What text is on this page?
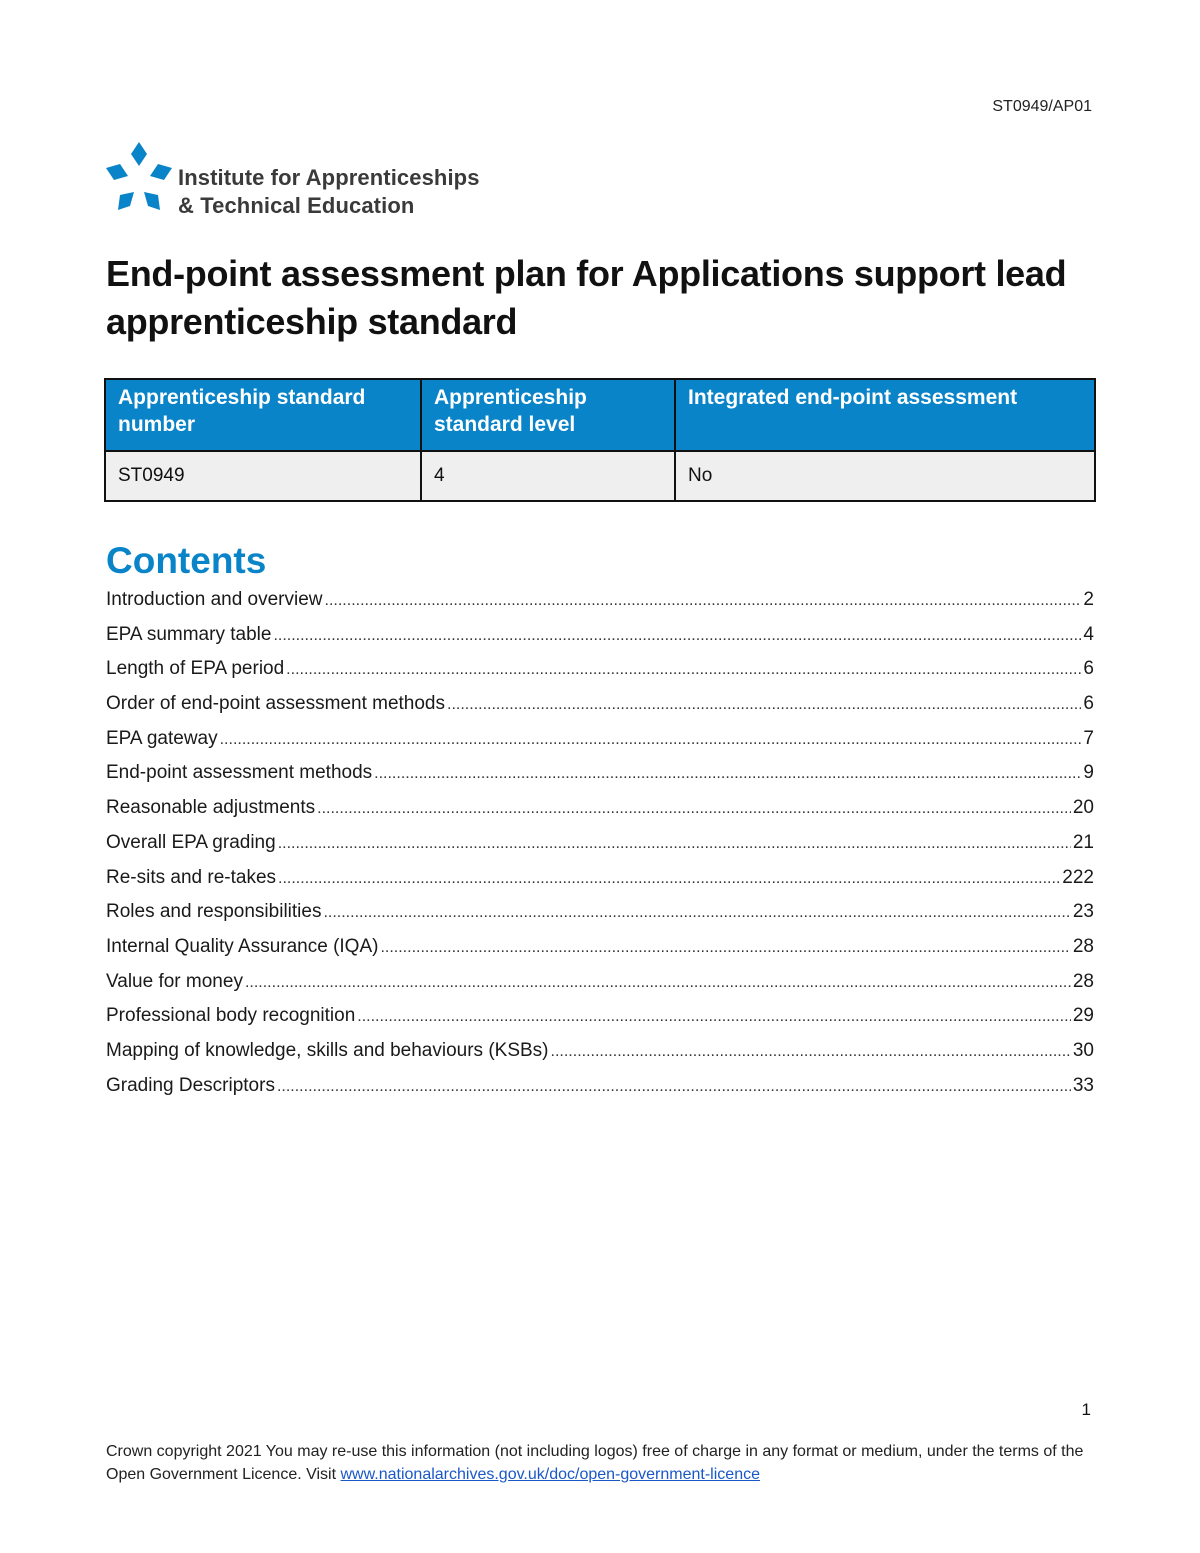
ST0949/AP01
Institute for Apprenticeships
& Technical Education
End-point assessment plan for Applications support lead apprenticeship standard
Apprenticeship standard number	Apprenticeship standard level	Integrated end-point assessment
ST0949	4	No
Contents
Introduction and overview .....	2
EPA summary table .....	4
Length of EPA period .....	6
Order of end-point assessment methods .....	6
EPA gateway .....	7
End-point assessment methods .....	9
Reasonable adjustments .....	20
Overall EPA grading .....	21
Re-sits and re-takes .....	222
Roles and responsibilities .....	23
Internal Quality Assurance (IQA) .....	28
Value for money .....	28
Professional body recognition .....	29
Mapping of knowledge, skills and behaviours (KSBs) .....	30
Grading Descriptors .....	33
1
Crown copyright 2021 You may re-use this information (not including logos) free of charge in any format or medium, under the terms of the Open Government Licence. Visit www.nationalarchives.gov.uk/doc/open-government-licence
